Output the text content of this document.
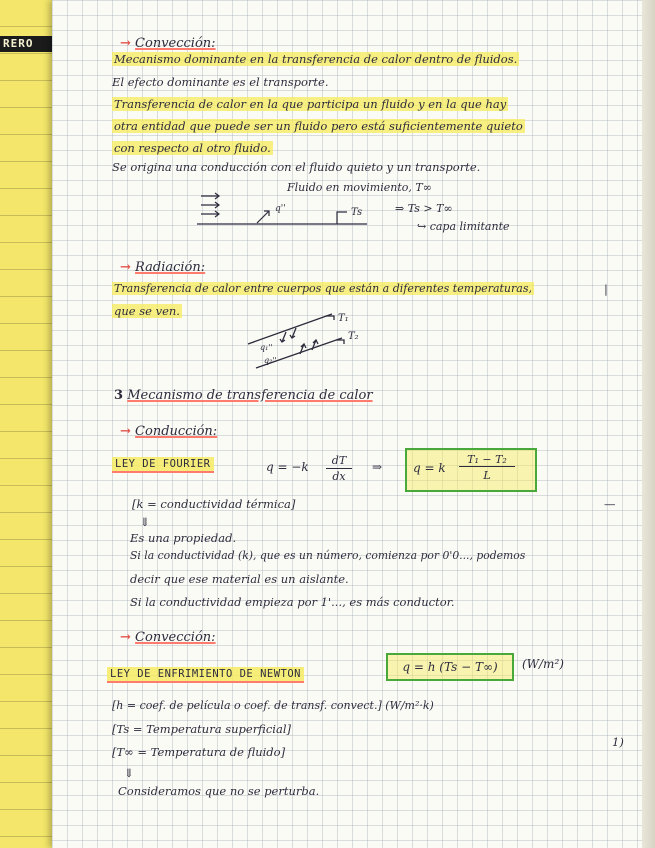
RERO	→ Convección:
Mecanismo dominante en la transferencia de calor dentro de fluidos.
El efecto dominante es el transporte.
Transferencia de calor en la que participa un fluido y en la que hay
otra entidad que puede ser un fluido pero está suficientemente quieto
con respecto al otro fluido.
Se origina una conducción con el fluido quieto y un transporte.
Fluido en movimiento, T∞
q''	Ts	⇒ Ts > T∞
↪ capa limitante
→ Radiación:
Transferencia de calor entre cuerpos que están a diferentes temperaturas,
que se ven.
|
T₁
T₂
q₁''
q₂''
3 Mecanismo de transferencia de calor
→ Conducción:
LEY DE FOURIER	q = −k	dT
dx
⇒	q = k
T₁ − T₂
L
[k = conductividad térmica]
⇓
—
Es una propiedad.
Si la conductividad (k), que es un número, comienza por 0'0..., podemos
decir que ese material es un aislante.
Si la conductividad empieza por 1'..., es más conductor.
→ Convección:
LEY DE ENFRIMIENTO DE NEWTON	q = h (Ts − T∞)	(W/m²)
[h = coef. de película o coef. de transf. convect.] (W/m²·k)
[Ts = Temperatura superficial]
[T∞ = Temperatura de fluido]
1)
⇓
Consideramos que no se perturba.
